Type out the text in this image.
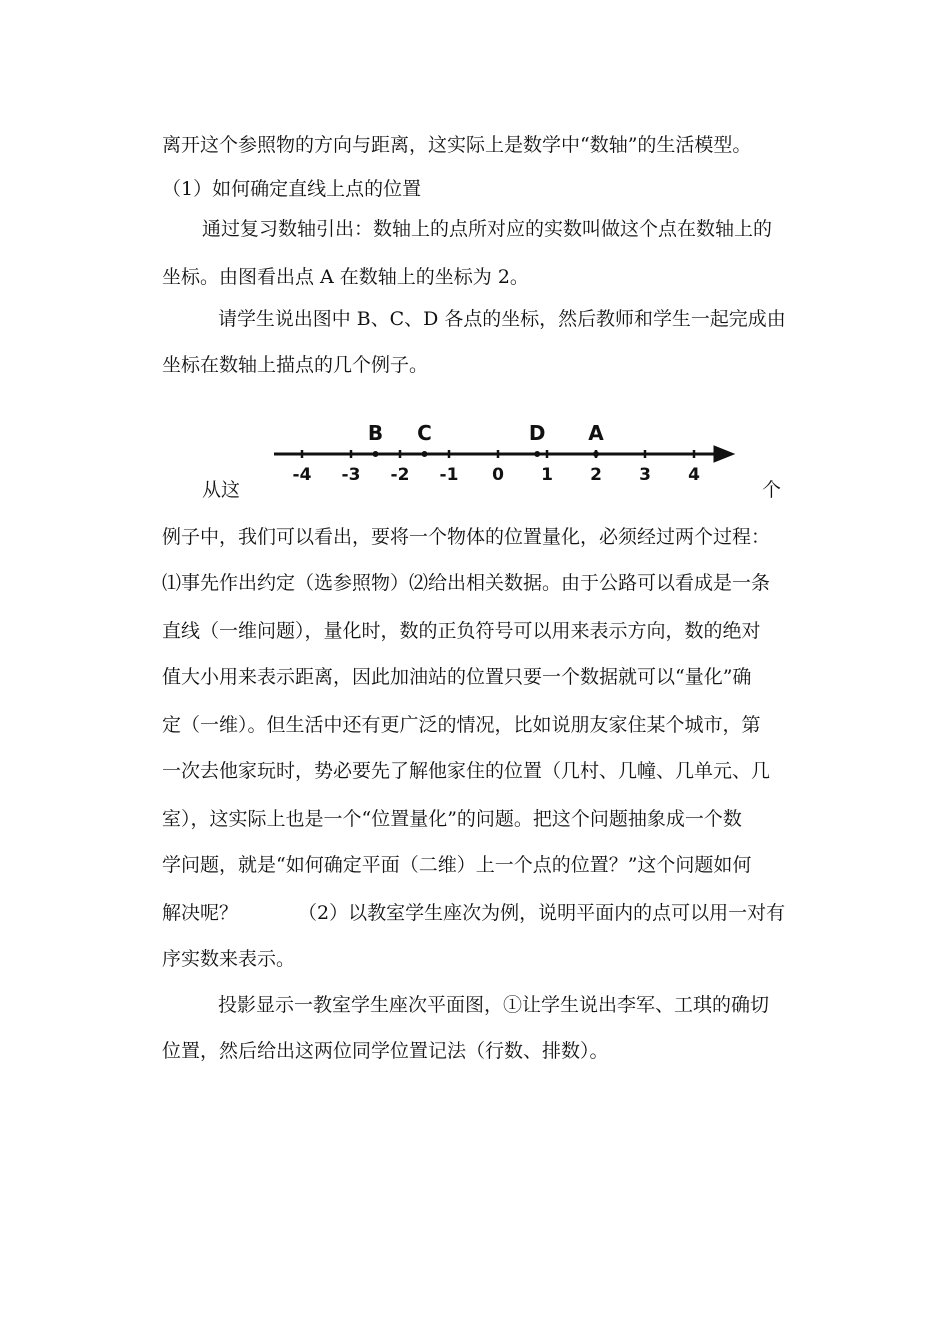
离开这个参照物的方向与距离，这实际上是数学中“数轴”的生活模型。
（1）如何确定直线上点的位置
通过复习数轴引出：数轴上的点所对应的实数叫做这个点在数轴上的
坐标。由图看出点 A 在数轴上的坐标为 2。
请学生说出图中 B、C、D 各点的坐标，然后教师和学生一起完成由
坐标在数轴上描点的几个例子。
-4 -3 -2 -1 0 1 2 3 4
B C	D A
从这	个
例子中，我们可以看出，要将一个物体的位置量化，必须经过两个过程：
⑴事先作出约定（选参照物）⑵给出相关数据。由于公路可以看成是一条
直线（一维问题），量化时，数的正负符号可以用来表示方向，数的绝对
值大小用来表示距离，因此加油站的位置只要一个数据就可以“量化”确
定（一维）。但生活中还有更广泛的情况，比如说朋友家住某个城市，第
一次去他家玩时，势必要先了解他家住的位置（几村、几幢、几单元、几
室），这实际上也是一个“位置量化”的问题。把这个问题抽象成一个数
学问题，就是“如何确定平面（二维）上一个点的位置？”这个问题如何
解决呢？	（2）以教室学生座次为例，说明平面内的点可以用一对有
序实数来表示。
投影显示一教室学生座次平面图，①让学生说出李军、工琪的确切
位置，然后给出这两位同学位置记法（行数、排数）。
